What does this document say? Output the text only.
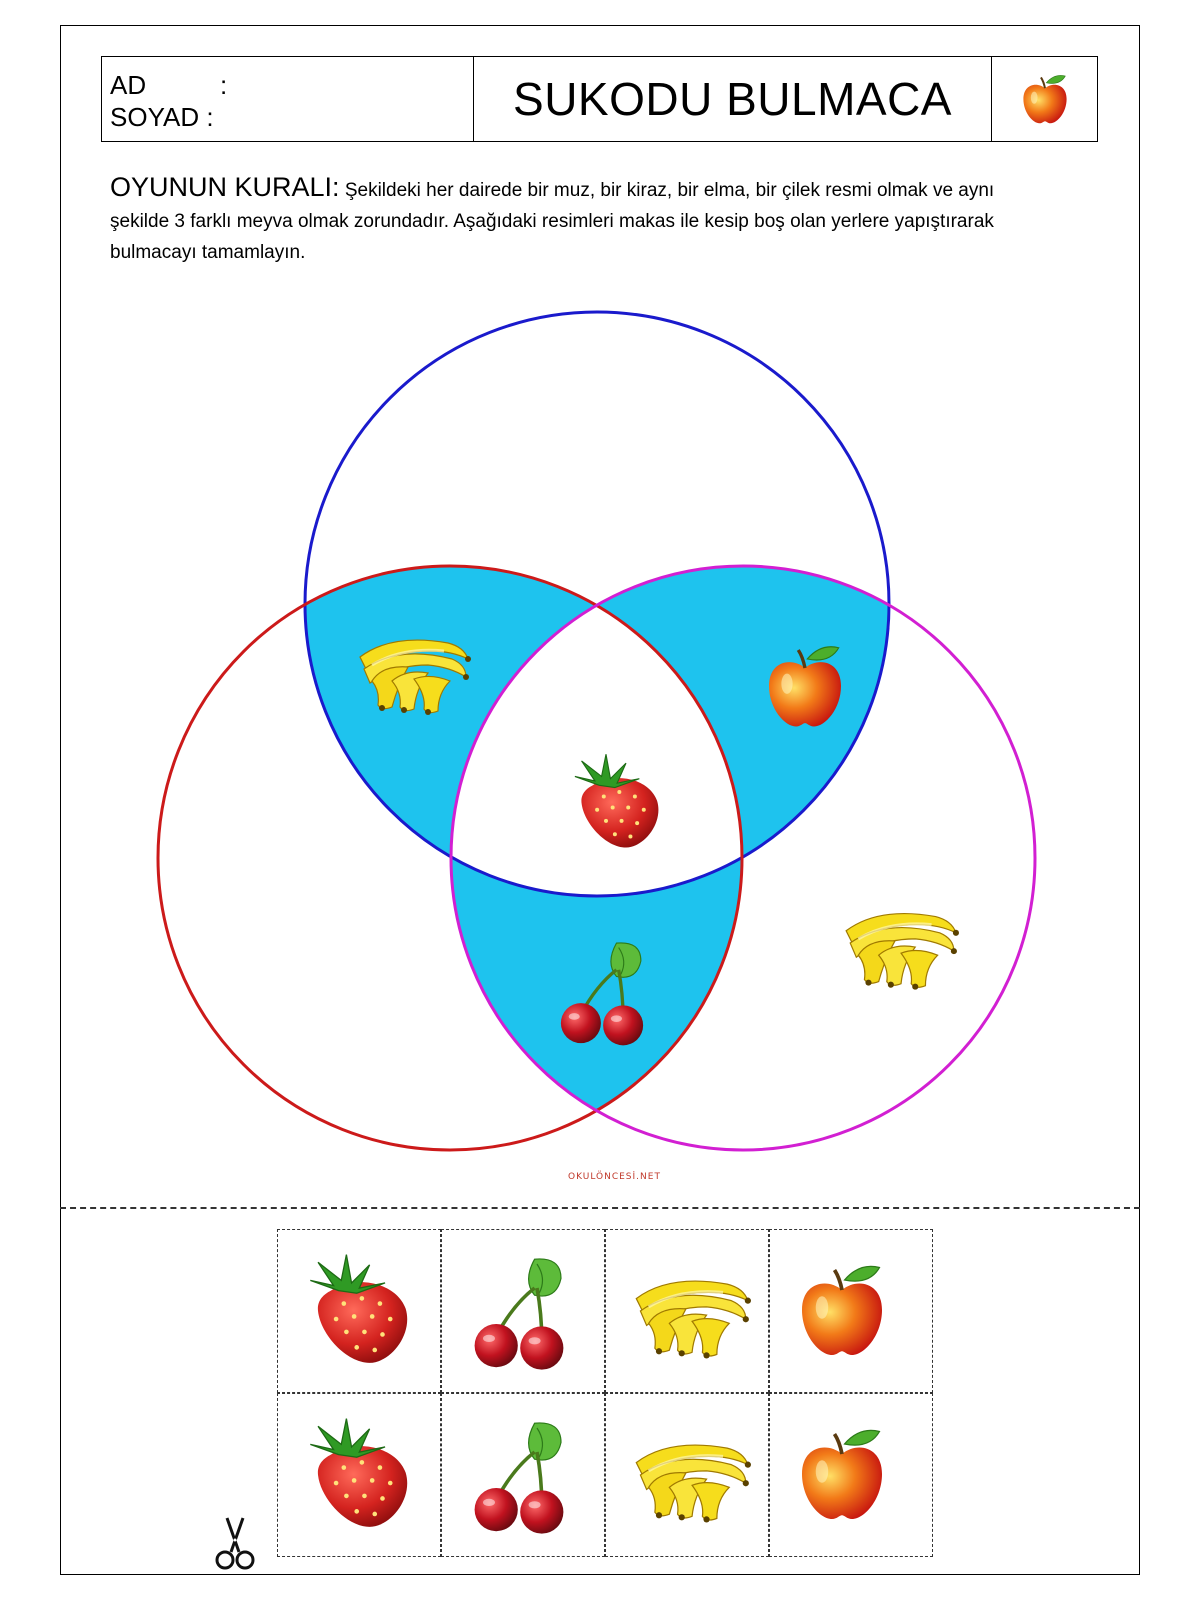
AD	:
SOYAD :	SUKODU BULMACA
OYUNUN KURALI: Şekildeki her dairede bir muz, bir kiraz, bir elma, bir çilek resmi olmak ve aynı şekilde 3 farklı meyva olmak zorundadır. Aşağıdaki resimleri makas ile kesip boş olan yerlere yapıştırarak bulmacayı tamamlayın.
OKULÖNCESİ.NET
